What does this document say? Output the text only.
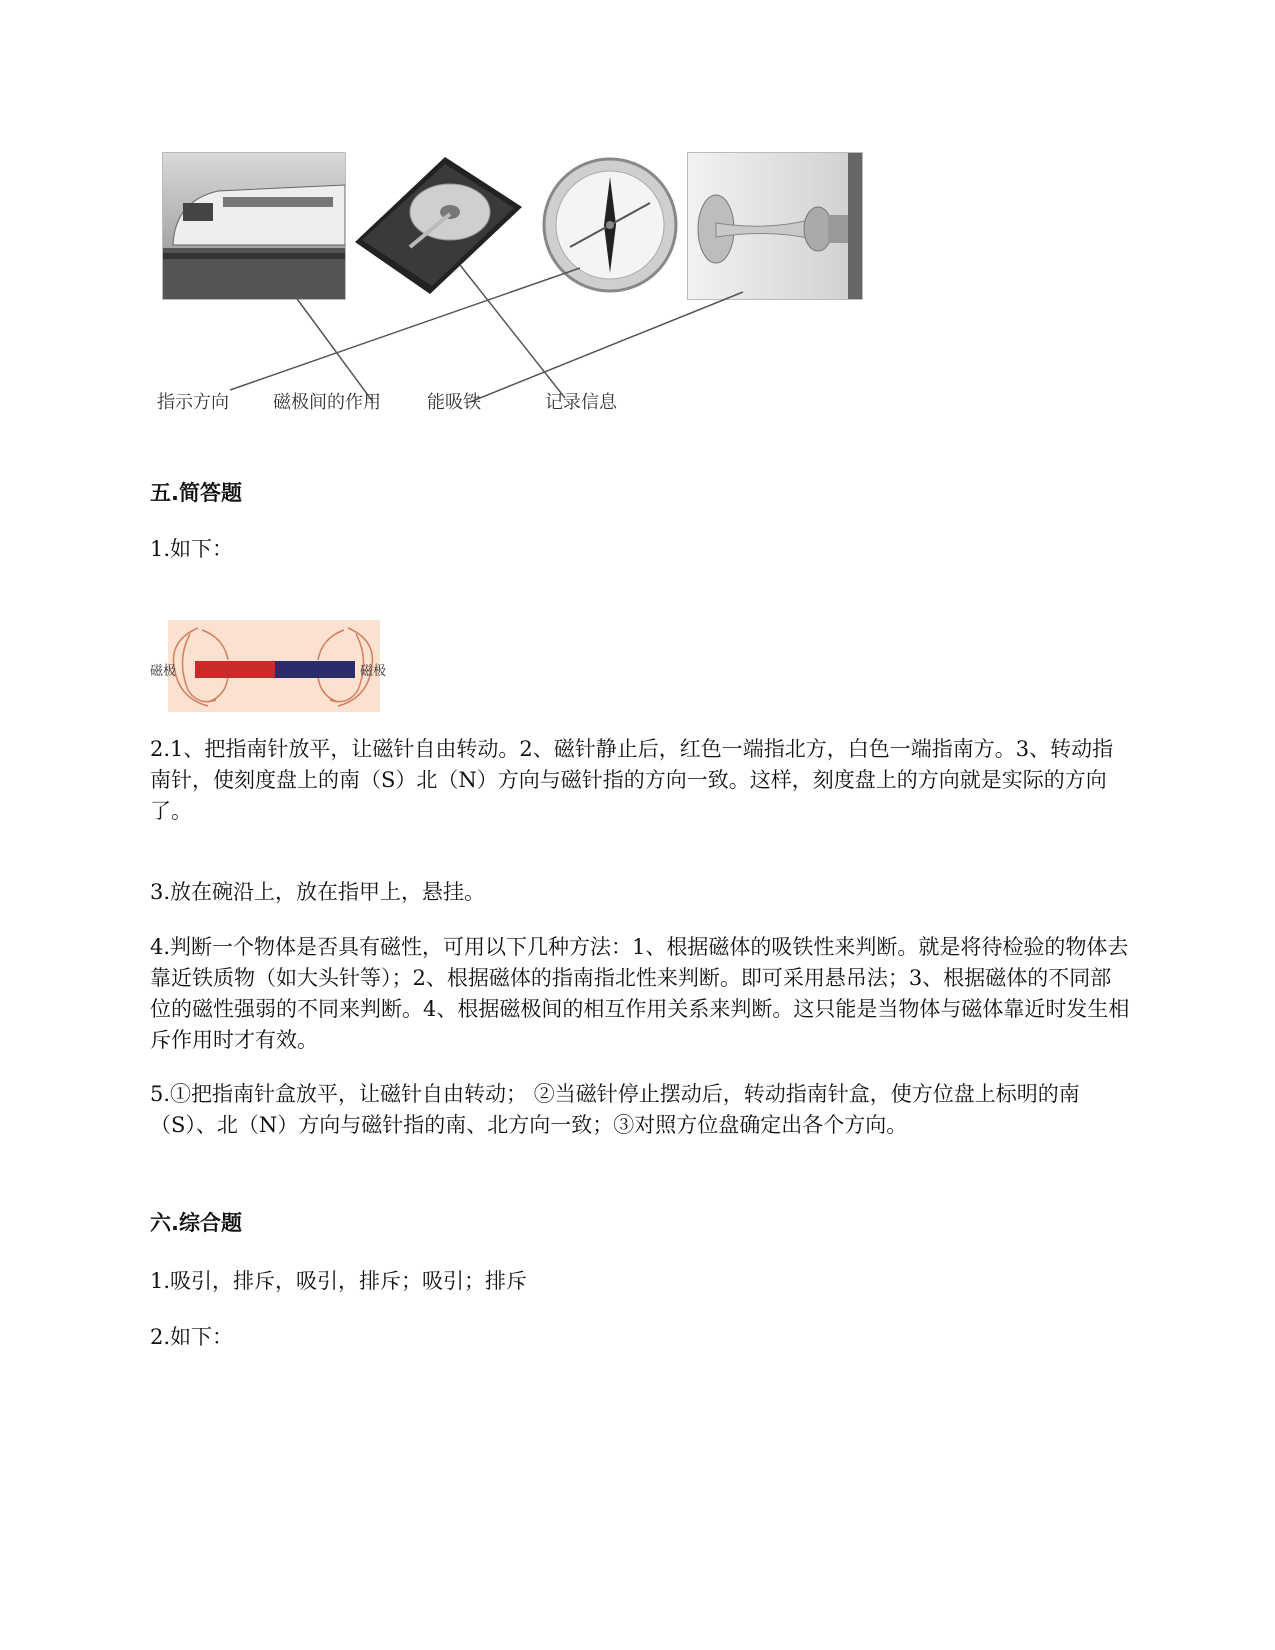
指示方向 磁极间的作用	能吸铁	记录信息
五.简答题
1.如下：
磁极	磁极
2.1、把指南针放平，让磁针自由转动。2、磁针静止后，红色一端指北方，白色一端指南方。3、转动指南针，使刻度盘上的南（S）北（N）方向与磁针指的方向一致。这样，刻度盘上的方向就是实际的方向了。
3.放在碗沿上，放在指甲上，悬挂。
4.判断一个物体是否具有磁性，可用以下几种方法：1、根据磁体的吸铁性来判断。就是将待检验的物体去靠近铁质物（如大头针等）；2、根据磁体的指南指北性来判断。即可采用悬吊法；3、根据磁体的不同部位的磁性强弱的不同来判断。4、根据磁极间的相互作用关系来判断。这只能是当物体与磁体靠近时发生相斥作用时才有效。
5.①把指南针盒放平，让磁针自由转动； ②当磁针停止摆动后，转动指南针盒，使方位盘上标明的南（S）、北（N）方向与磁针指的南、北方向一致；③对照方位盘确定出各个方向。
六.综合题
1.吸引，排斥，吸引，排斥；吸引；排斥
2.如下：
